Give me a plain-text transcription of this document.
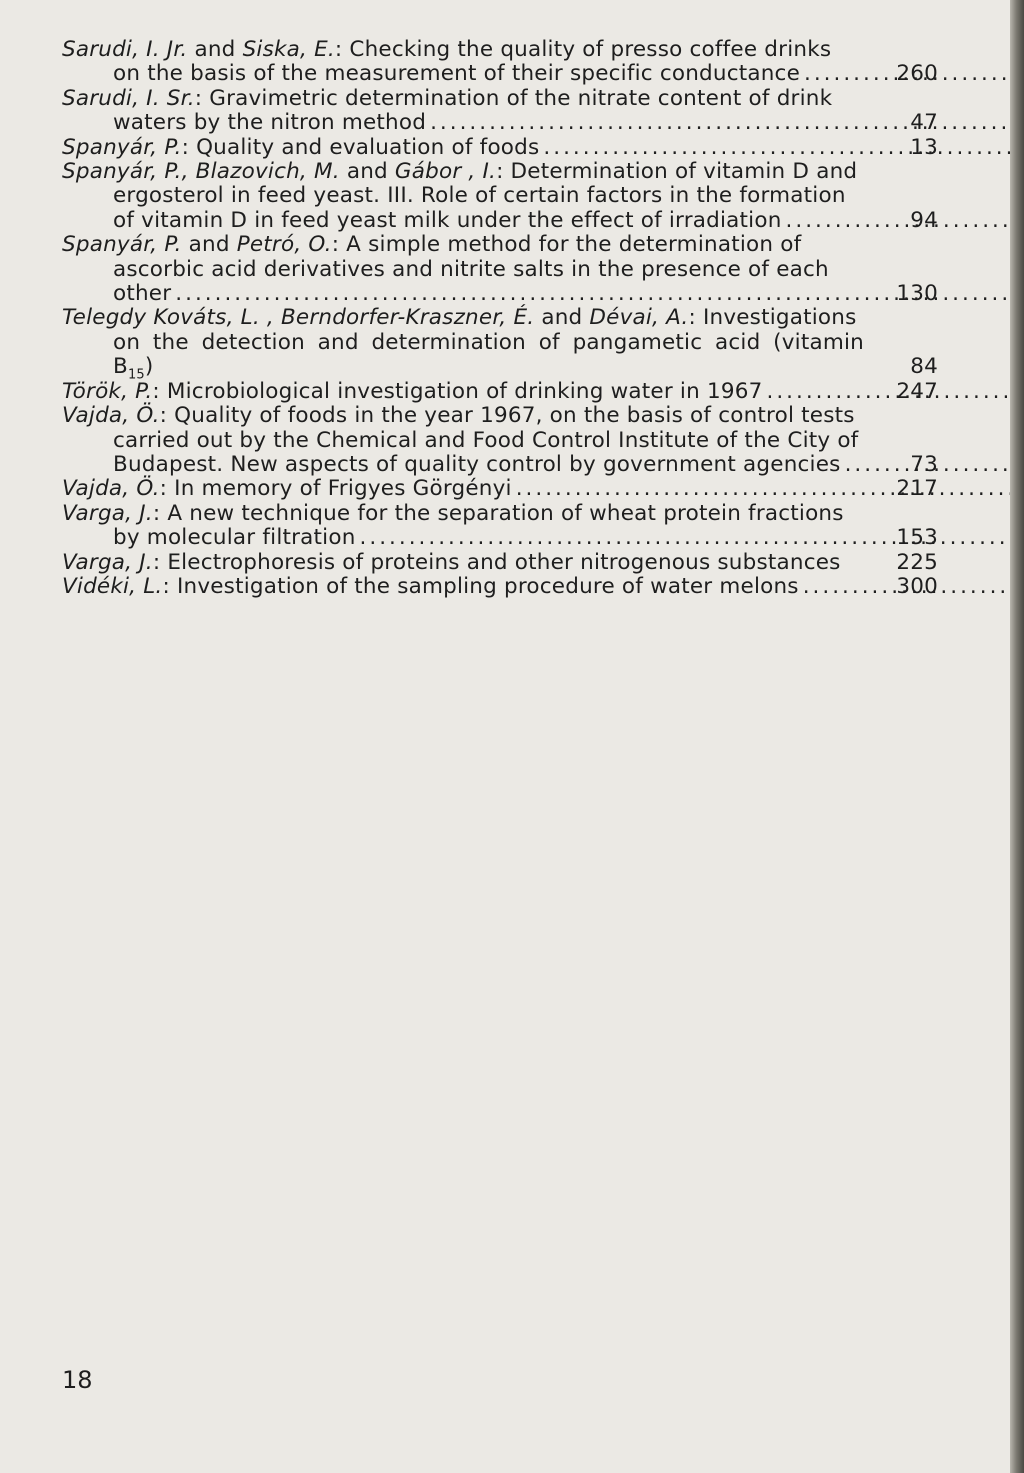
Sarudi, I. Jr. and Siska, E.: Checking the quality of presso coffee drinks
on the basis of the measurement of their specific conductance .....	260
Sarudi, I. Sr.: Gravimetric determination of the nitrate content of drink
waters by the nitron method .....	47
Spanyár, P.: Quality and evaluation of foods .....	13
Spanyár, P., Blazovich, M. and Gábor , I.: Determination of vitamin D and
ergosterol in feed yeast. III. Role of certain factors in the formation
of vitamin D in feed yeast milk under the effect of irradiation .....	94
Spanyár, P. and Petró, O.: A simple method for the determination of
ascorbic acid derivatives and nitrite salts in the presence of each
other .....	130
Telegdy Kováts, L. , Berndorfer-Kraszner, É. and Dévai, A.: Investigations
on the detection and determination of pangametic acid (vitamin $B_{15}$)	84
Török, P.: Microbiological investigation of drinking water in 1967 .....	247
Vajda, Ö.: Quality of foods in the year 1967, on the basis of control tests
carried out by the Chemical and Food Control Institute of the City of
Budapest. New aspects of quality control by government agencies .....	73
Vajda, Ö.: In memory of Frigyes Görgényi .....	217
Varga, J.: A new technique for the separation of wheat protein fractions
by molecular filtration .....	153
Varga, J.: Electrophoresis of proteins and other nitrogenous substances	225
Vidéki, L.: Investigation of the sampling procedure of water melons .....	300
18
